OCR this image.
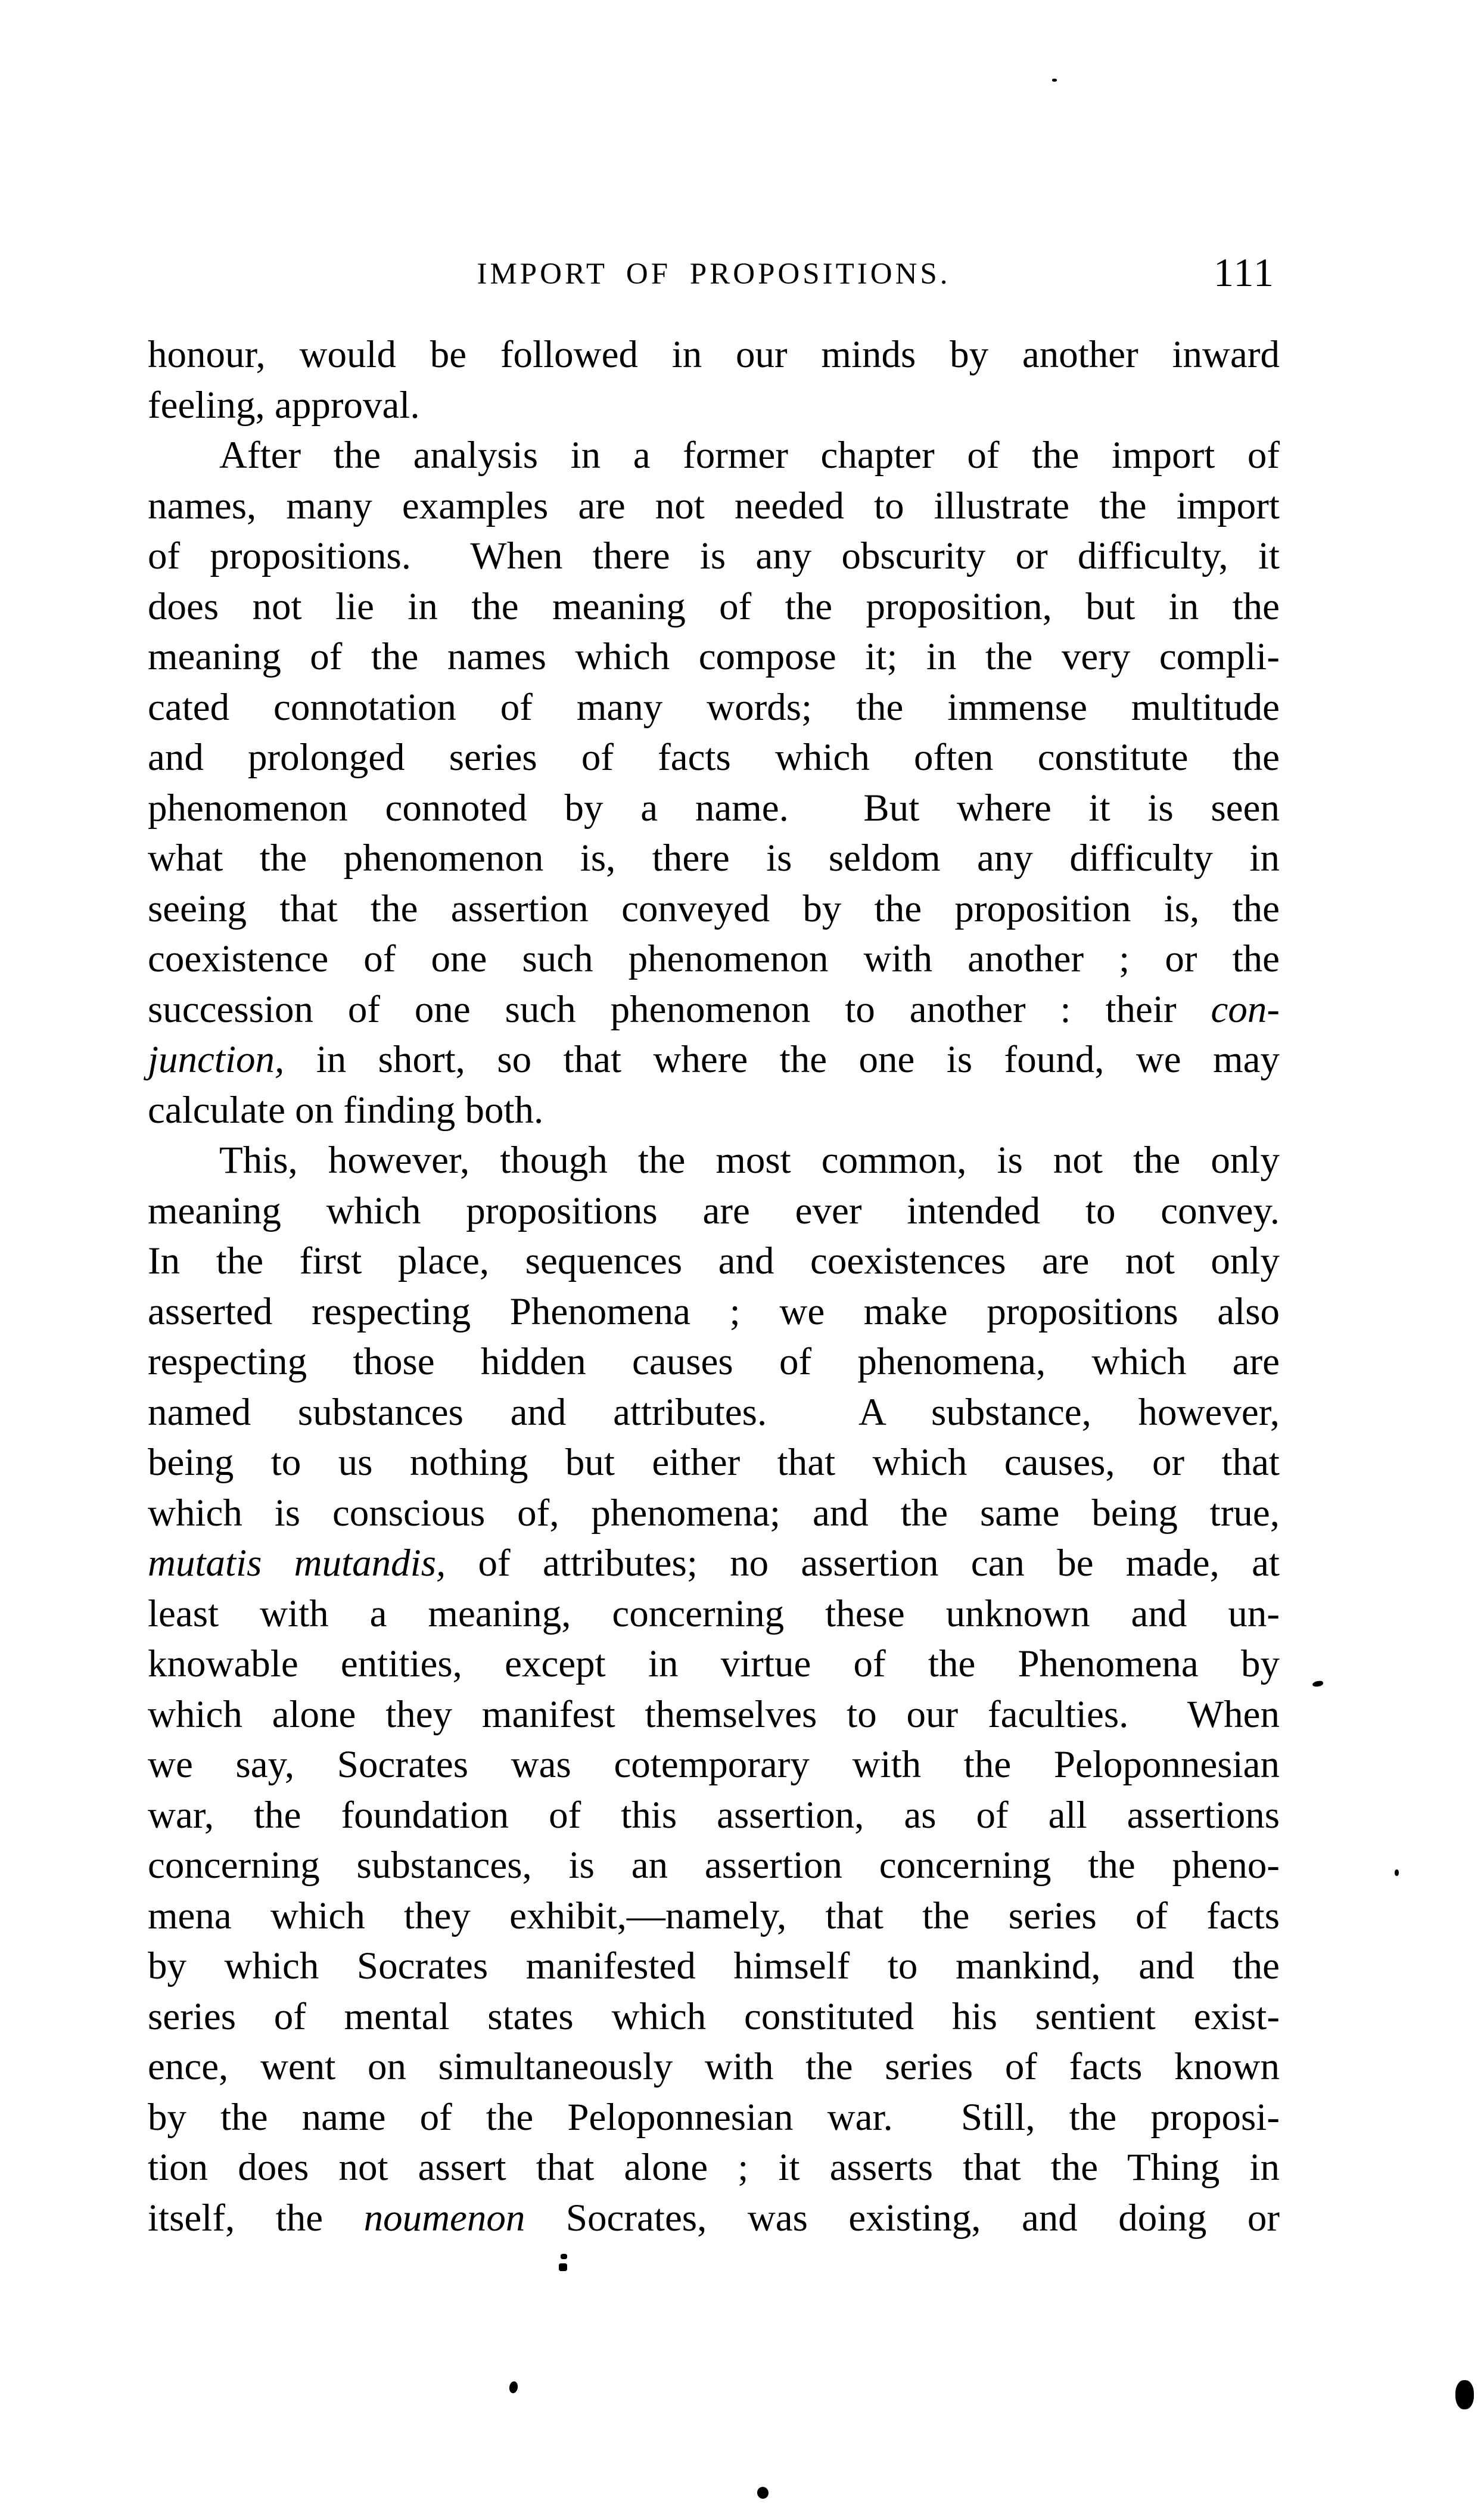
IMPORT OF PROPOSITIONS.	111
honour, would be followed in our minds by another inward
feeling, approval.
After the analysis in a former chapter of the import of
names, many examples are not needed to illustrate the import
of propositions.  When there is any obscurity or difficulty, it
does not lie in the meaning of the proposition, but in the
meaning of the names which compose it; in the very compli-
cated connotation of many words; the immense multitude
and prolonged series of facts which often constitute the
phenomenon connoted by a name.  But where it is seen
what the phenomenon is, there is seldom any difficulty in
seeing that the assertion conveyed by the proposition is, the
coexistence of one such phenomenon with another ; or the
succession of one such phenomenon to another : their con-
junction, in short, so that where the one is found, we may
calculate on finding both.
This, however, though the most common, is not the only
meaning which propositions are ever intended to convey.
In the first place, sequences and coexistences are not only
asserted respecting Phenomena ; we make propositions also
respecting those hidden causes of phenomena, which are
named substances and attributes.  A substance, however,
being to us nothing but either that which causes, or that
which is conscious of, phenomena; and the same being true,
mutatis mutandis, of attributes; no assertion can be made, at
least with a meaning, concerning these unknown and un-
knowable entities, except in virtue of the Phenomena by
which alone they manifest themselves to our faculties.  When
we say, Socrates was cotemporary with the Peloponnesian
war, the foundation of this assertion, as of all assertions
concerning substances, is an assertion concerning the pheno-
mena which they exhibit,—namely, that the series of facts
by which Socrates manifested himself to mankind, and the
series of mental states which constituted his sentient exist-
ence, went on simultaneously with the series of facts known
by the name of the Peloponnesian war.  Still, the proposi-
tion does not assert that alone ; it asserts that the Thing in
itself, the noumenon Socrates, was existing, and doing or
